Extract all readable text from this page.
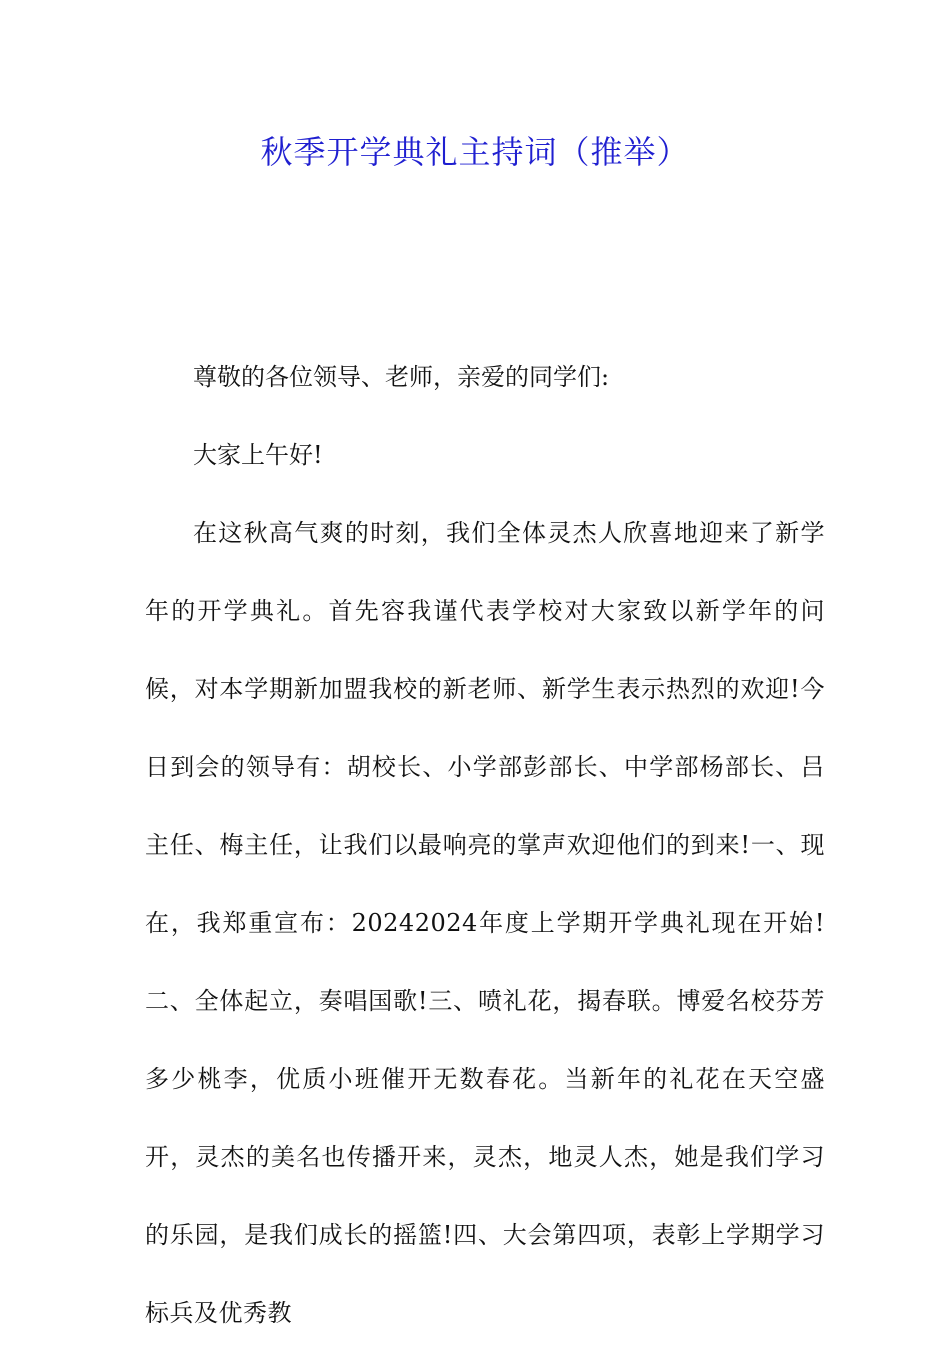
秋季开学典礼主持词（推举）

尊敬的各位领导、老师，亲爱的同学们:

大家上午好!

在这秋高气爽的时刻，我们全体灵杰人欣喜地迎来了新学年的开学典礼。首先容我谨代表学校对大家致以新学年的问候，对本学期新加盟我校的新老师、新学生表示热烈的欢迎!今日到会的领导有：胡校长、小学部彭部长、中学部杨部长、吕主任、梅主任，让我们以最响亮的掌声欢迎他们的到来!一、现在，我郑重宣布：20242024年度上学期开学典礼现在开始!二、全体起立，奏唱国歌!三、喷礼花，揭春联。博爱名校芬芳多少桃李，优质小班催开无数春花。当新年的礼花在天空盛开，灵杰的美名也传播开来，灵杰，地灵人杰，她是我们学习的乐园，是我们成长的摇篮!四、大会第四项，表彰上学期学习标兵及优秀教
